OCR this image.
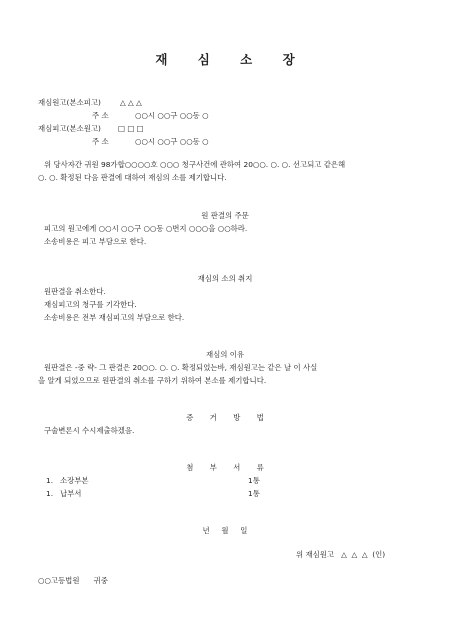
재 심 소 장
재심원고(본소피고)	△ △ △
주 소	○○시 ○○구 ○○동 ○
재심피고(본소원고) □ □ □
주 소	○○시 ○○구 ○○동 ○
위 당사자간 귀원 98가합○○○○호 ○○○ 청구사건에 관하여 20○○. ○. ○. 선고되고 같은해
○. ○. 확정된 다음 판결에 대하여 재심의 소를 제기합니다.
원 판결의 주문
피고의 원고에게 ○○시 ○○구 ○○동 ○번지 ○○○을 ○○하라.
소송비용은 피고 부담으로 한다.
재심의 소의 취지
원판결을 취소한다.
재심피고의 청구를 기각한다.
소송비용은 전부 재심피고의 부담으로 한다.
재심의 이유
원판결은 -중 략- 그 판결은 20○○. ○. ○. 확정되었는바, 재심원고는 같은 날 이 사실
을 알게 되었으므로 원판결의 취소를 구하기 위하여 본소를 제기합니다.
증 거 방 법
구술변론시 수시제출하겠음.
첨 부 서 류
1. 소장부본	1통
1. 납부서	1통
년     월     일
위 재심원고   △  △  △  (인)
○○고등법원      귀중
